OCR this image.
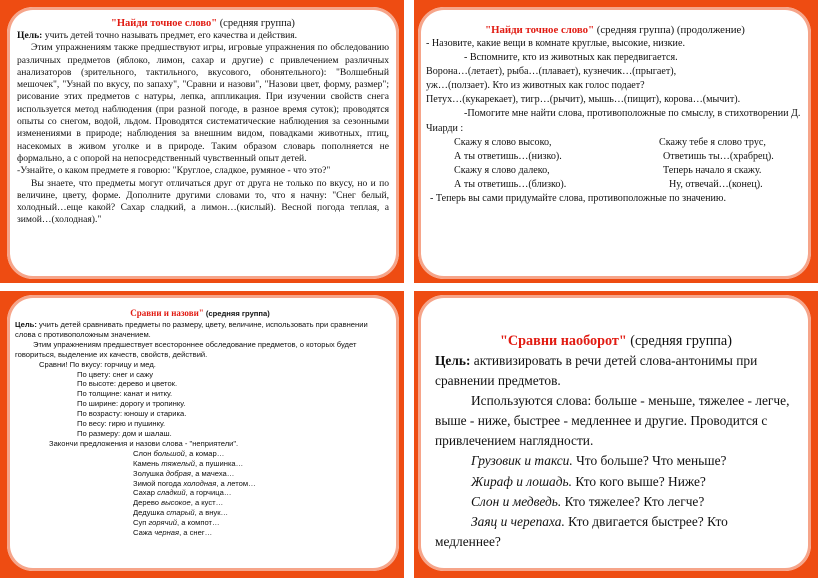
"Найди точное слово" (средняя группа)

Цель: учить детей точно называть предмет, его качества и действия.

Этим упражнениям также предшествуют игры, игровые упражнения по обследованию различных предметов (яблоко, лимон, сахар и другие) с привлечением различных анализаторов (зрительного, тактильного, вкусового, обонятельного): "Волшебный мешочек", "Узнай по вкусу, по запаху", "Сравни и назови", "Назови цвет, форму, размер"; рисование этих предметов с натуры, лепка, аппликация. При изучении свойств снега используется метод наблюдения (при разной погоде, в разное время суток); проводятся опыты со снегом, водой, льдом. Проводятся систематические наблюдения за сезонными изменениями в природе; наблюдения за внешним видом, повадками животных, птиц, насекомых в живом уголке и в природе. Таким образом словарь пополняется не формально, а с опорой на непосредственный чувственный опыт детей.

-Узнайте, о каком предмете я говорю: "Круглое, сладкое, румяное - что это?"

Вы знаете, что предметы могут отличаться друг от друга не только по вкусу, но и по величине, цвету, форме. Дополните другими словами то, что я начну: "Снег белый, холодный…еще какой? Сахар сладкий, а лимон…(кислый). Весной погода теплая, а зимой…(холодная)."

"Найди точное слово" (средняя группа) (продолжение)

- Назовите, какие вещи в комнате круглые, высокие, низкие.

- Вспомните, кто из животных как передвигается.

Ворона…(летает), рыба…(плавает), кузнечик…(прыгает),

уж…(ползает). Кто из животных как голос подает?

Петух…(кукарекает), тигр…(рычит), мышь…(пищит), корова…(мычит).

-Помогите мне найти слова, противоположные по смыслу, в стихотворении Д. Чиарди :

Скажу я слово высоко,
А ты ответишь…(низко).
Скажу я слово далеко,
А ты ответишь…(близко).
Скажу тебе я слово трус,
Ответишь ты…(храбрец).
Теперь начало я скажу.
Ну, отвечай…(конец).

- Теперь вы сами придумайте слова, противоположные по значению.

Сравни и назови" (средняя группа)

Цель: учить детей сравнивать предметы по размеру, цвету, величине, использовать при сравнении слова с противоположным значением.

Этим упражнениям предшествует всестороннее обследование предметов, о которых будет говориться, выделение их качеств, свойств, действий.

Сравни! По вкусу: горчицу и мед.

По цвету: снег и сажу

По высоте: дерево и цветок.

По толщине: канат и нитку.

По ширине: дорогу и тропинку.

По возрасту: юношу и старика.

По весу: гирю и пушинку.

По размеру: дом и шалаш.

Закончи предложения и назови слова - "неприятели".

Слон большой, а комар…

Камень тяжелый, а пушинка…

Золушка добрая, а мачеха…

Зимой погода холодная, а летом…

Сахар сладкий, а горчица…

Дерево высокое, а куст…

Дедушка старый, а внук…

Суп горячий, а компот…

Сажа черная, а снег…

"Сравни наоборот" (средняя группа)

Цель: активизировать в речи детей слова-антонимы при сравнении предметов.

Используются слова: больше - меньше, тяжелее - легче, выше - ниже, быстрее - медленнее и другие. Проводится с привлечением наглядности.

Грузовик и такси. Что больше? Что меньше?

Жираф и лошадь. Кто кого выше? Ниже?

Слон и медведь. Кто тяжелее? Кто легче?

Заяц и черепаха. Кто двигается быстрее? Кто медленнее?
